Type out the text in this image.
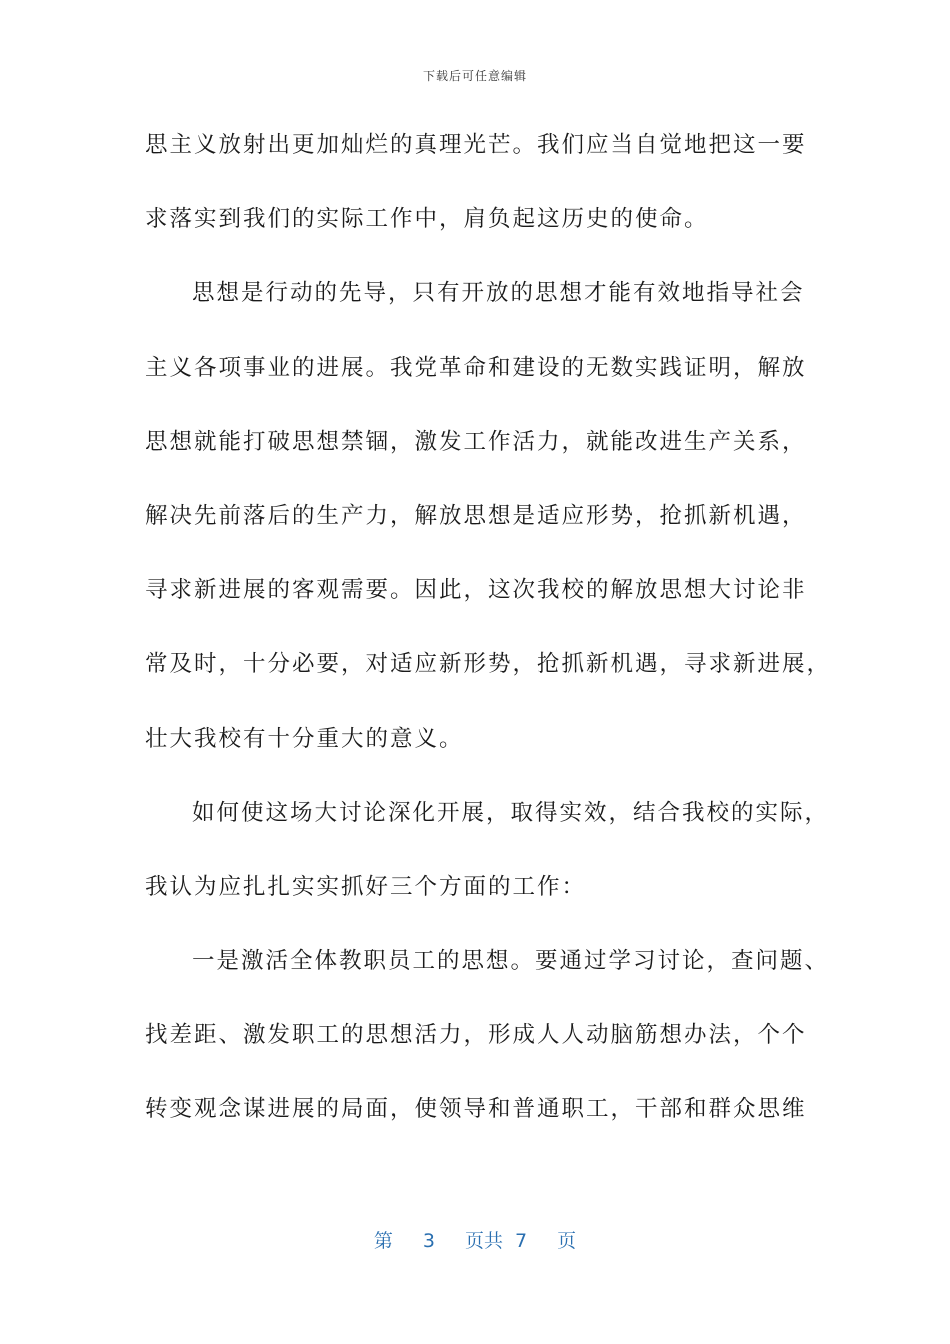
下载后可任意编辑
思主义放射出更加灿烂的真理光芒。我们应当自觉地把这一要
求落实到我们的实际工作中，肩负起这历史的使命。
思想是行动的先导，只有开放的思想才能有效地指导社会
主义各项事业的进展。我党革命和建设的无数实践证明，解放
思想就能打破思想禁锢，激发工作活力，就能改进生产关系，
解决先前落后的生产力，解放思想是适应形势，抢抓新机遇，
寻求新进展的客观需要。因此，这次我校的解放思想大讨论非
常及时，十分必要，对适应新形势，抢抓新机遇，寻求新进展，
壮大我校有十分重大的意义。
如何使这场大讨论深化开展，取得实效，结合我校的实际，
我认为应扎扎实实抓好三个方面的工作：
一是激活全体教职员工的思想。要通过学习讨论，查问题、
找差距、激发职工的思想活力，形成人人动脑筋想办法，个个
转变观念谋进展的局面，使领导和普通职工，干部和群众思维
第 3 页共 7 页
